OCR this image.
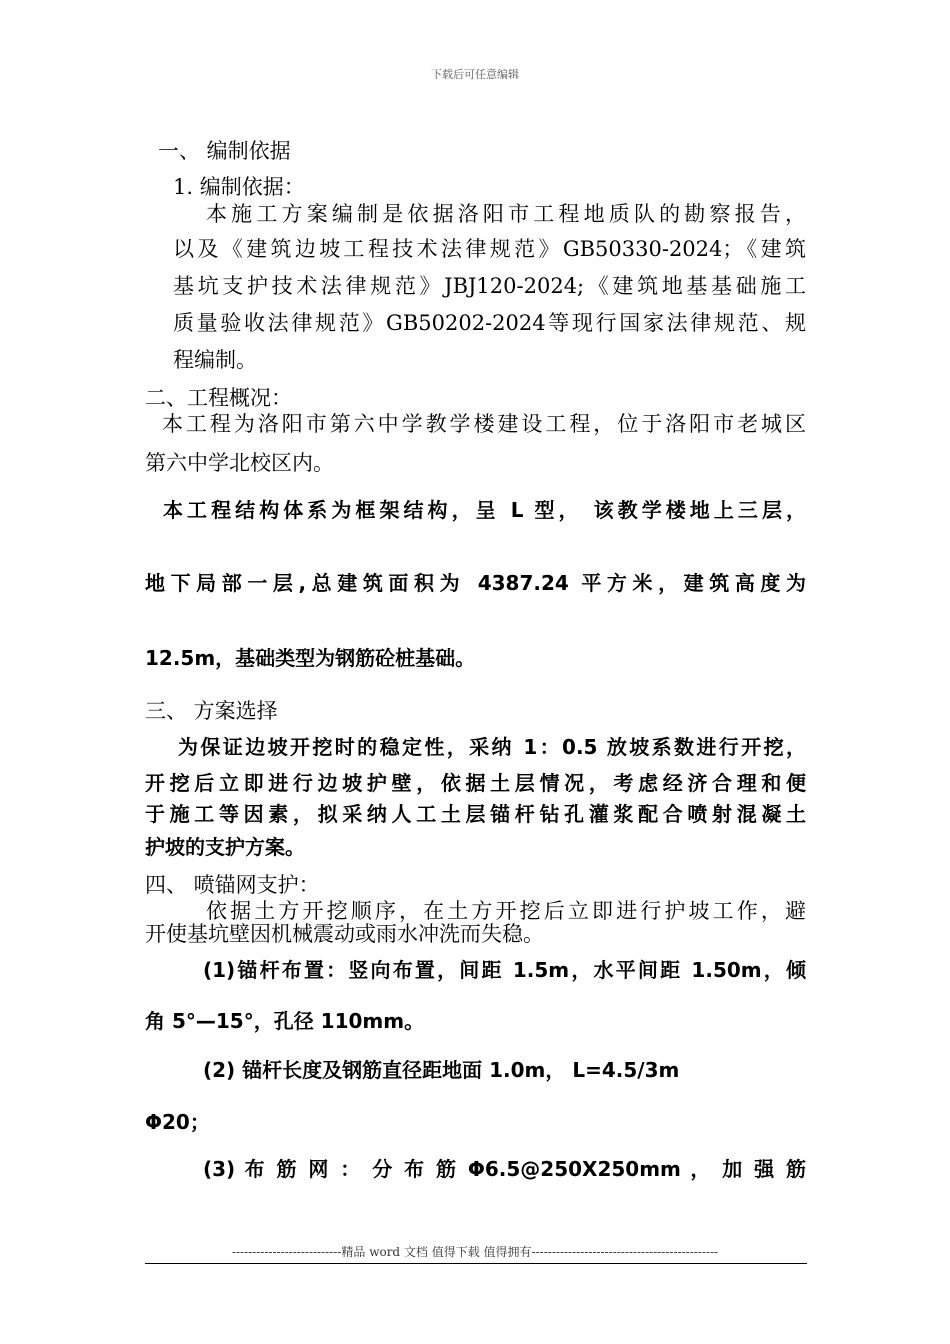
下载后可任意编辑
一、 编制依据
1. 编制依据：
本施工方案编制是依据洛阳市工程地质队的勘察报告，
以及《建筑边坡工程技术法律规范》GB50330-2024；《建筑
基坑支护技术法律规范》JBJ120-2024;《建筑地基基础施工
质量验收法律规范》GB50202-2024等现行国家法律规范、规
程编制。
二、工程概况：
本工程为洛阳市第六中学教学楼建设工程，位于洛阳市老城区
第六中学北校区内。
本工程结构体系为框架结构，呈 L 型， 该教学楼地上三层，
地下局部一层,总建筑面积为 4387.24 平方米，建筑高度为
12.5m，基础类型为钢筋砼桩基础。
三、 方案选择
为保证边坡开挖时的稳定性，采纳 1：0.5 放坡系数进行开挖，
开挖后立即进行边坡护壁，依据土层情况，考虑经济合理和便
于施工等因素，拟采纳人工土层锚杆钻孔灌浆配合喷射混凝土
护坡的支护方案。
四、 喷锚网支护：
依据土方开挖顺序，在土方开挖后立即进行护坡工作，避
开使基坑壁因机械震动或雨水冲洗而失稳。
(1)锚杆布置：竖向布置，间距 1.5m，水平间距 1.50m，倾
角 5°—15°，孔径 110mm。
(2) 锚杆长度及钢筋直径距地面 1.0m， L=4.5/3m
Φ20；
(3) 布 筋 网 ： 分 布 筋 Φ6.5@250X250mm ， 加 强 筋
---------------------------精品 word 文档 值得下载 值得拥有----------------------------------------------
